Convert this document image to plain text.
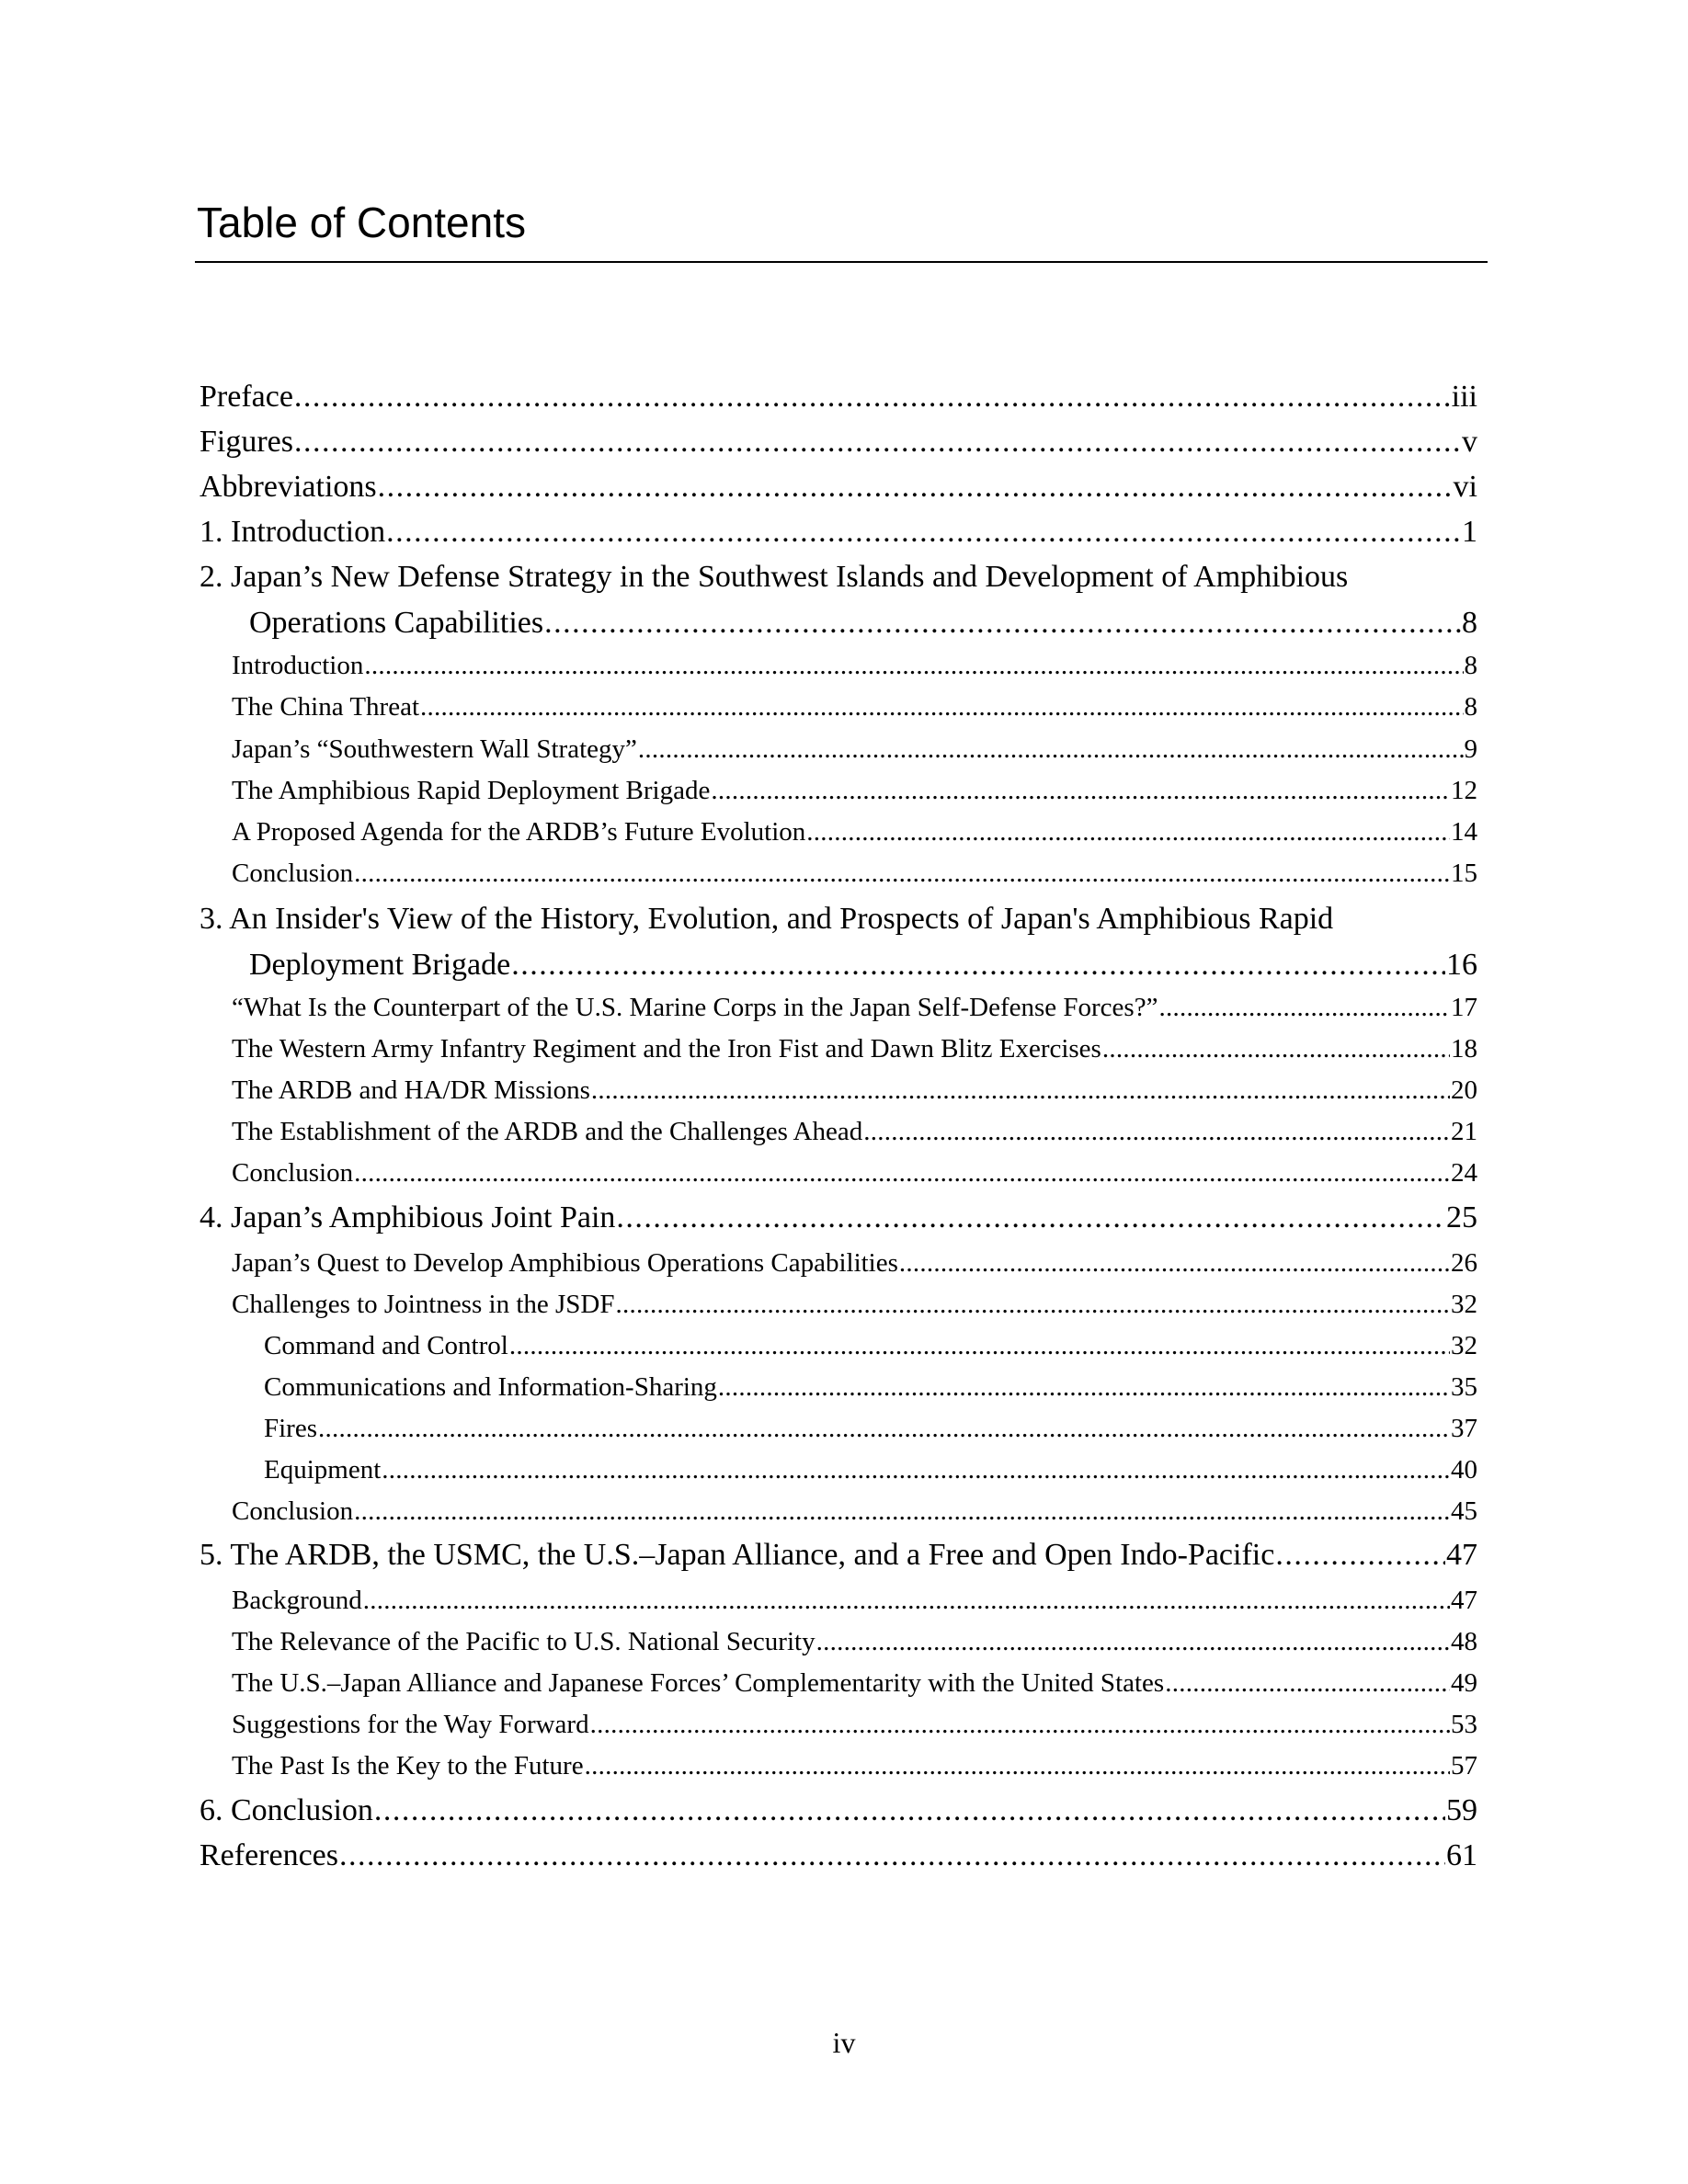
Table of Contents
Preface . . .	iii
Figures . . .	v
Abbreviations . . .	vi
1. Introduction . . .	1
2. Japan’s New Defense Strategy in the Southwest Islands and Development of Amphibious
Operations Capabilities . . .	8
Introduction . . .	8
The China Threat . . .	8
Japan’s “Southwestern Wall Strategy” . . .	9
The Amphibious Rapid Deployment Brigade . . .	12
A Proposed Agenda for the ARDB’s Future Evolution . . .	14
Conclusion . . .	15
3. An Insider's View of the History, Evolution, and Prospects of Japan's Amphibious Rapid
Deployment Brigade . . .	16
“What Is the Counterpart of the U.S. Marine Corps in the Japan Self-Defense Forces?” . . .	17
The Western Army Infantry Regiment and the Iron Fist and Dawn Blitz Exercises . . .	18
The ARDB and HA/DR Missions . . .	20
The Establishment of the ARDB and the Challenges Ahead . . .	21
Conclusion . . .	24
4. Japan’s Amphibious Joint Pain . . .	25
Japan’s Quest to Develop Amphibious Operations Capabilities . . .	26
Challenges to Jointness in the JSDF . . .	32
Command and Control . . .	32
Communications and Information-Sharing . . .	35
Fires . . .	37
Equipment . . .	40
Conclusion . . .	45
5. The ARDB, the USMC, the U.S.–Japan Alliance, and a Free and Open Indo-Pacific . . .	47
Background . . .	47
The Relevance of the Pacific to U.S. National Security . . .	48
The U.S.–Japan Alliance and Japanese Forces’ Complementarity with the United States . . .	49
Suggestions for the Way Forward . . .	53
The Past Is the Key to the Future . . .	57
6. Conclusion . . .	59
References . . .	61
iv
